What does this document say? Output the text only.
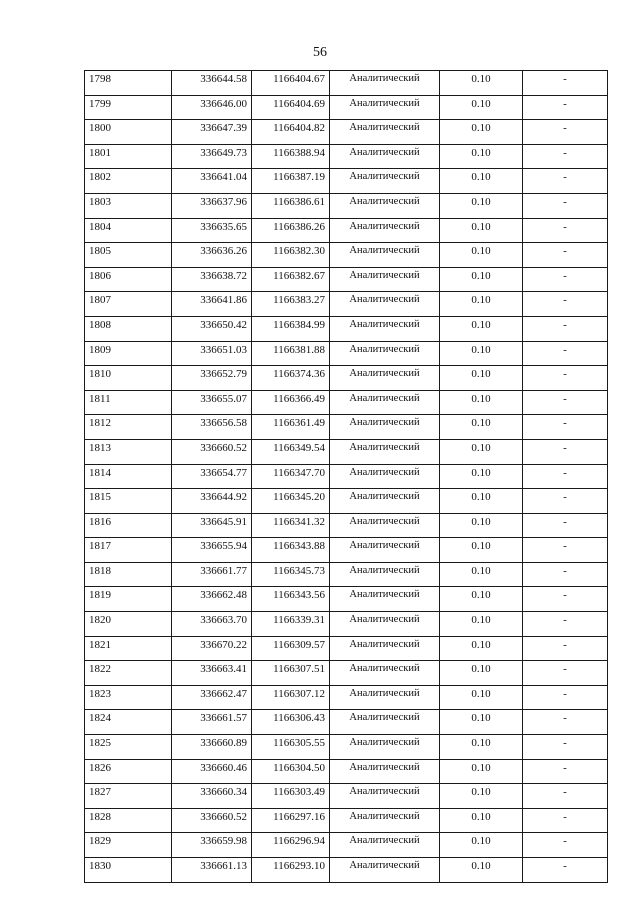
56
1798	336644.58	1166404.67	Аналитический	0.10	-
1799	336646.00	1166404.69	Аналитический	0.10	-
1800	336647.39	1166404.82	Аналитический	0.10	-
1801	336649.73	1166388.94	Аналитический	0.10	-
1802	336641.04	1166387.19	Аналитический	0.10	-
1803	336637.96	1166386.61	Аналитический	0.10	-
1804	336635.65	1166386.26	Аналитический	0.10	-
1805	336636.26	1166382.30	Аналитический	0.10	-
1806	336638.72	1166382.67	Аналитический	0.10	-
1807	336641.86	1166383.27	Аналитический	0.10	-
1808	336650.42	1166384.99	Аналитический	0.10	-
1809	336651.03	1166381.88	Аналитический	0.10	-
1810	336652.79	1166374.36	Аналитический	0.10	-
1811	336655.07	1166366.49	Аналитический	0.10	-
1812	336656.58	1166361.49	Аналитический	0.10	-
1813	336660.52	1166349.54	Аналитический	0.10	-
1814	336654.77	1166347.70	Аналитический	0.10	-
1815	336644.92	1166345.20	Аналитический	0.10	-
1816	336645.91	1166341.32	Аналитический	0.10	-
1817	336655.94	1166343.88	Аналитический	0.10	-
1818	336661.77	1166345.73	Аналитический	0.10	-
1819	336662.48	1166343.56	Аналитический	0.10	-
1820	336663.70	1166339.31	Аналитический	0.10	-
1821	336670.22	1166309.57	Аналитический	0.10	-
1822	336663.41	1166307.51	Аналитический	0.10	-
1823	336662.47	1166307.12	Аналитический	0.10	-
1824	336661.57	1166306.43	Аналитический	0.10	-
1825	336660.89	1166305.55	Аналитический	0.10	-
1826	336660.46	1166304.50	Аналитический	0.10	-
1827	336660.34	1166303.49	Аналитический	0.10	-
1828	336660.52	1166297.16	Аналитический	0.10	-
1829	336659.98	1166296.94	Аналитический	0.10	-
1830	336661.13	1166293.10	Аналитический	0.10	-
